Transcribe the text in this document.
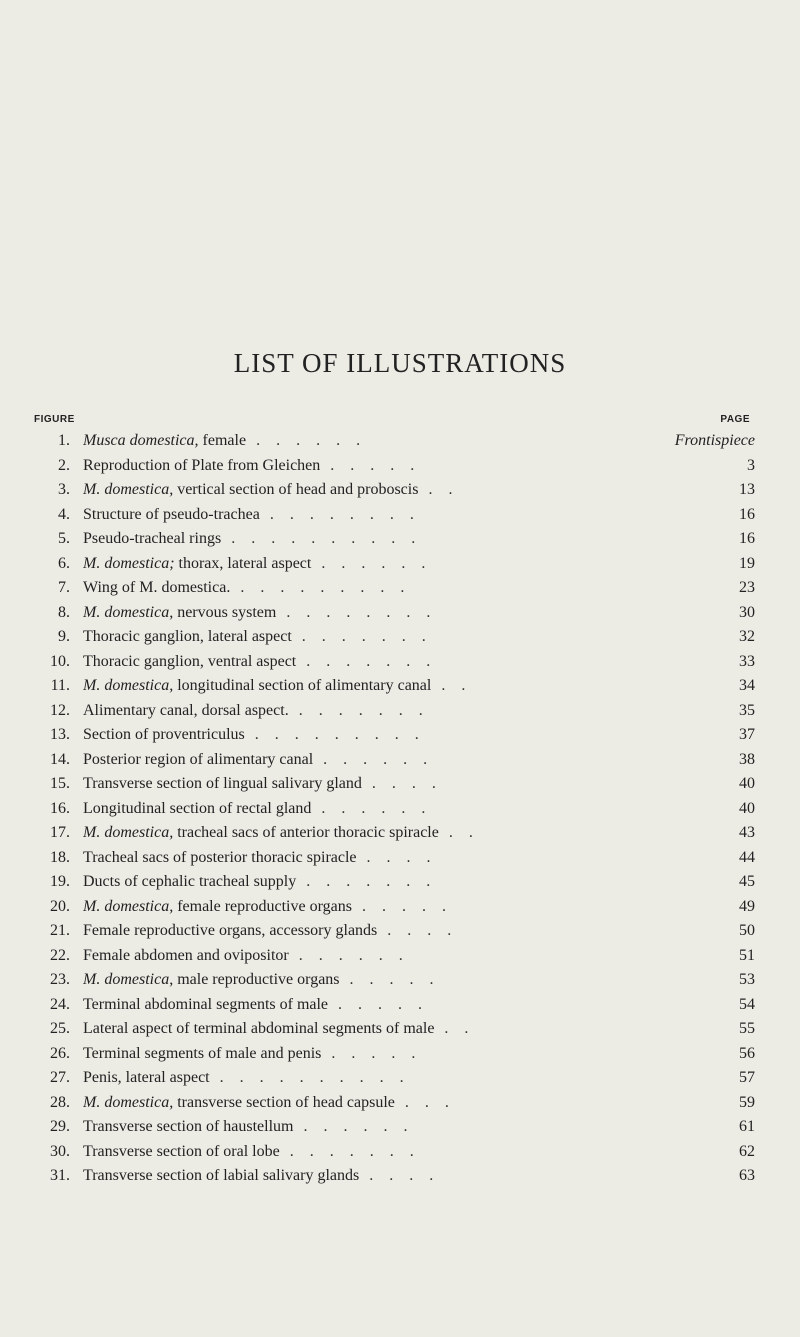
LIST OF ILLUSTRATIONS
FIGURE	PAGE
1. Musca domestica, female . . . . . .	Frontispiece
2. Reproduction of Plate from Gleichen . . . . .	3
3. M. domestica, vertical section of head and proboscis . .	13
4. Structure of pseudo-trachea . . . . . . . .	16
5. Pseudo-tracheal rings . . . . . . . . . .	16
6. M. domestica; thorax, lateral aspect . . . . . .	19
7. Wing of M. domestica. . . . . . . . . .	23
8. M. domestica, nervous system . . . . . . . .	30
9. Thoracic ganglion, lateral aspect . . . . . . .	32
10. Thoracic ganglion, ventral aspect . . . . . . .	33
11. M. domestica, longitudinal section of alimentary canal . .	34
12. Alimentary canal, dorsal aspect. . . . . . . .	35
13. Section of proventriculus . . . . . . . . .	37
14. Posterior region of alimentary canal . . . . . .	38
15. Transverse section of lingual salivary gland . . . .	40
16. Longitudinal section of rectal gland . . . . . .	40
17. M. domestica, tracheal sacs of anterior thoracic spiracle . .	43
18. Tracheal sacs of posterior thoracic spiracle . . . .	44
19. Ducts of cephalic tracheal supply . . . . . . .	45
20. M. domestica, female reproductive organs . . . . .	49
21. Female reproductive organs, accessory glands . . . .	50
22. Female abdomen and ovipositor . . . . . .	51
23. M. domestica, male reproductive organs . . . . .	53
24. Terminal abdominal segments of male . . . . .	54
25. Lateral aspect of terminal abdominal segments of male . .	55
26. Terminal segments of male and penis . . . . .	56
27. Penis, lateral aspect . . . . . . . . . .	57
28. M. domestica, transverse section of head capsule . . .	59
29. Transverse section of haustellum . . . . . .	61
30. Transverse section of oral lobe . . . . . . .	62
31. Transverse section of labial salivary glands . . . .	63
